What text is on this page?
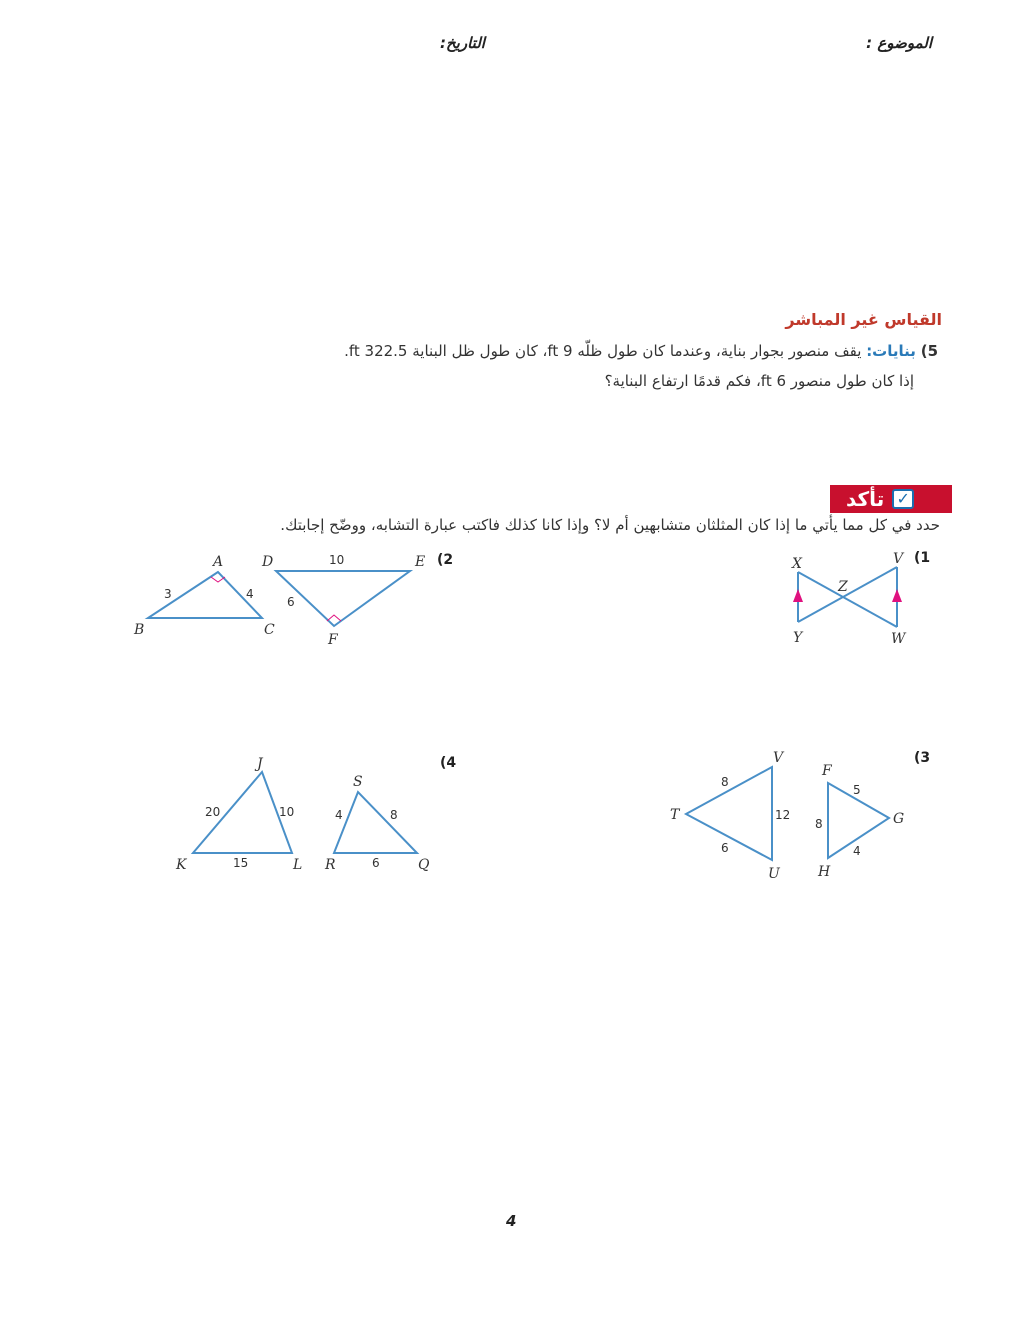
الموضوع :
التاريخ:
القياس غير المباشر
5) بنايات: يقف منصور بجوار بناية، وعندما كان طول ظلّه 9 ft، كان طول ظل البناية 322.5 ft.
إذا كان طول منصور 6 ft، فكم قدمًا ارتفاع البناية؟
✓
تأكد
حدد في كل مما يأتي ما إذا كان المثلثان متشابهين أم لا؟ وإذا كانا كذلك فاكتب عبارة التشابه، ووضّح إجابتك.
(1
(2
(3
(4
X	V
Z
Y	W
A
B	C
D	E
F
3	4
10
6
V
T
U
F
G
H
8
12
6
5
8
4
J
K	L
S
R	Q
20	10
15
4	8
6
4
